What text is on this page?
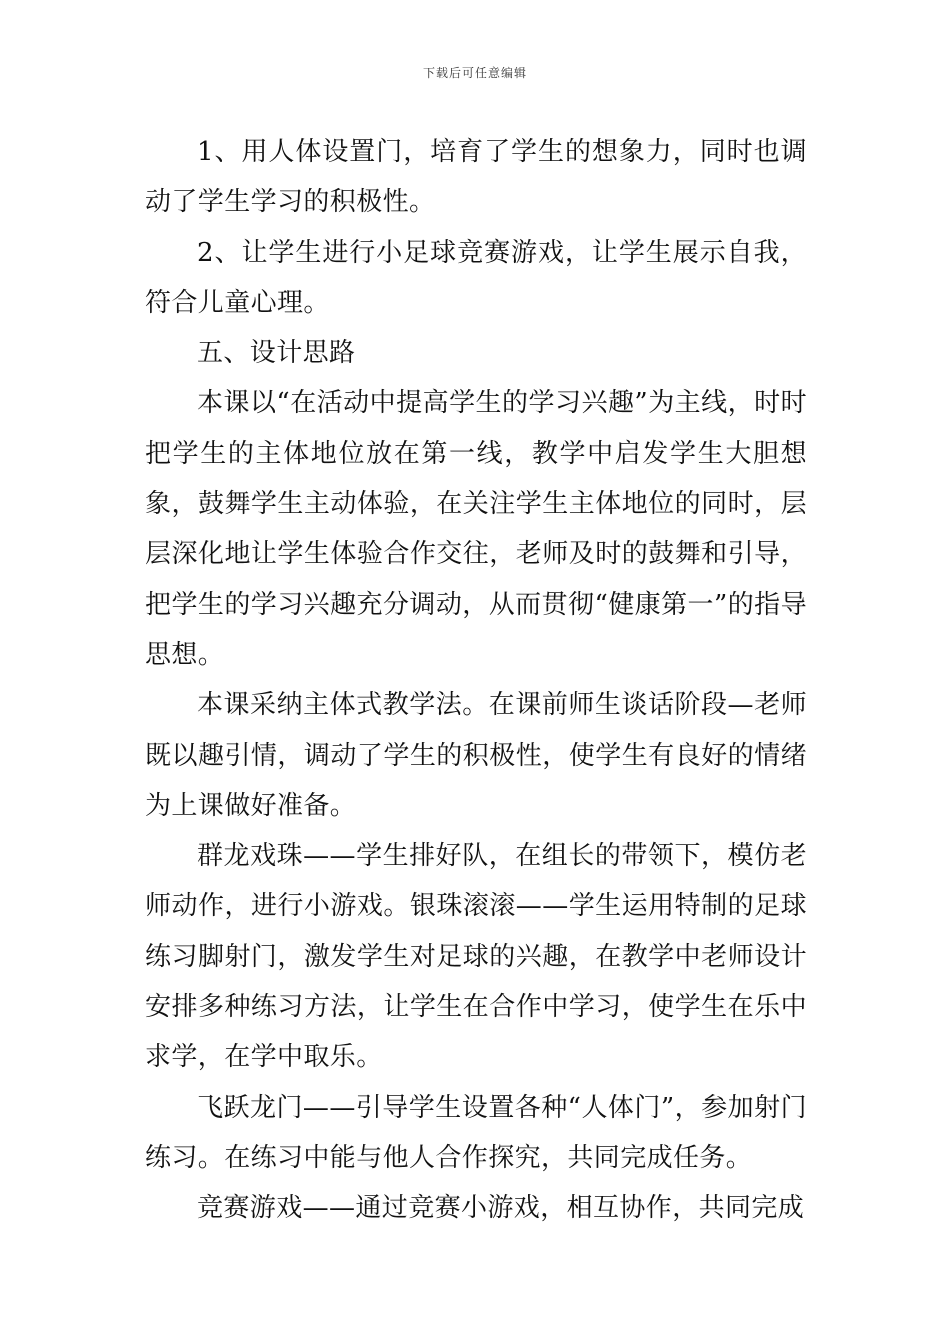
下载后可任意编辑

1、用人体设置门，培育了学生的想象力，同时也调动了学生学习的积极性。

2、让学生进行小足球竞赛游戏，让学生展示自我，符合儿童心理。

五、设计思路

本课以“在活动中提高学生的学习兴趣”为主线，时时把学生的主体地位放在第一线，教学中启发学生大胆想象，鼓舞学生主动体验，在关注学生主体地位的同时，层层深化地让学生体验合作交往，老师及时的鼓舞和引导，把学生的学习兴趣充分调动，从而贯彻“健康第一”的指导思想。

本课采纳主体式教学法。在课前师生谈话阶段—老师既以趣引情，调动了学生的积极性，使学生有良好的情绪为上课做好准备。

群龙戏珠——学生排好队，在组长的带领下，模仿老师动作，进行小游戏。银珠滚滚——学生运用特制的足球练习脚射门，激发学生对足球的兴趣，在教学中老师设计安排多种练习方法，让学生在合作中学习，使学生在乐中求学，在学中取乐。

飞跃龙门——引导学生设置各种“人体门”，参加射门练习。在练习中能与他人合作探究，共同完成任务。

竞赛游戏——通过竞赛小游戏，相互协作，共同完成
